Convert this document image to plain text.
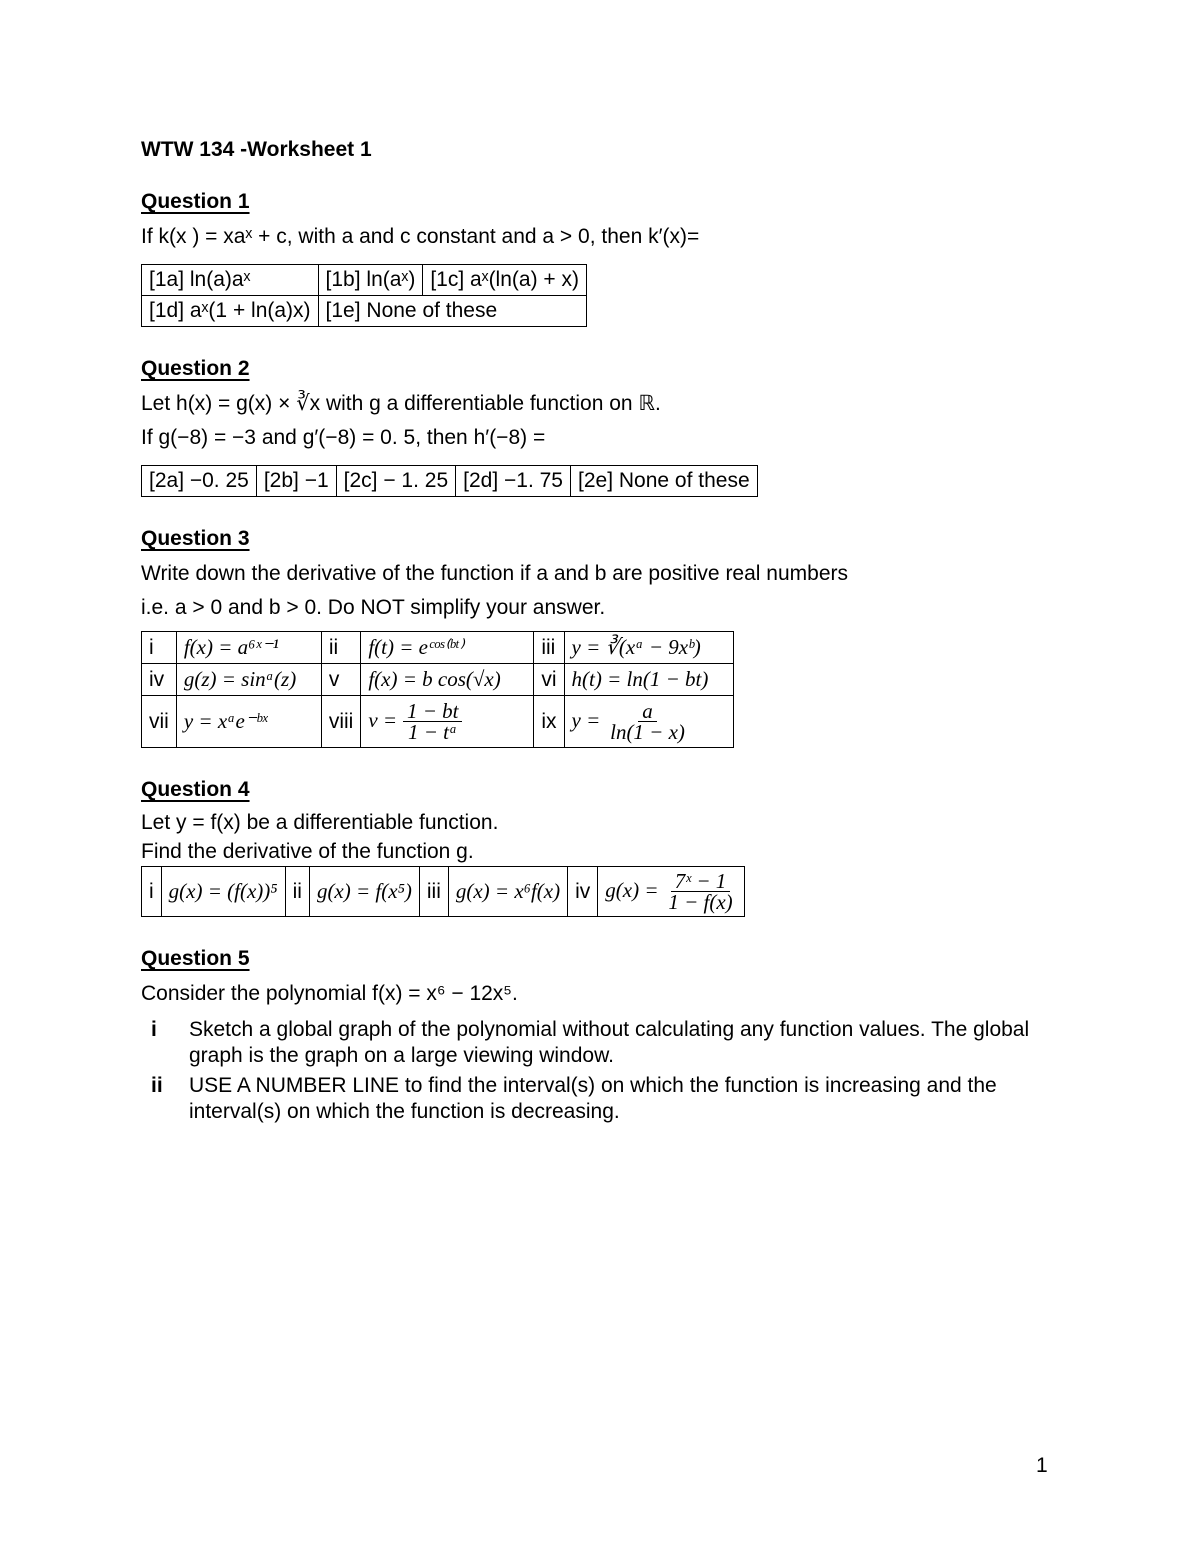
WTW 134 -Worksheet 1
Question 1
If k(x ) = xaˣ + c, with a and c constant and a > 0, then k′(x)=
[1a] ln(a)aˣ	[1b] ln(aˣ)	[1c] aˣ(ln(a) + x)
[1d] aˣ(1 + ln(a)x)	[1e] None of these	
Question 2
Let h(x) = g(x) × ∛x with g a differentiable function on ℝ.
If g(−8) = −3 and g′(−8) = 0. 5, then h′(−8) =
[2a] −0. 25	[2b] −1	[2c] − 1. 25	[2d] −1. 75	[2e] None of these
Question 3
Write down the derivative of the function if a and b are positive real numbers
i.e. a > 0 and b > 0. Do NOT simplify your answer.
i	f(x) = a⁶ˣ⁻¹	ii	f(t) = eᶜᵒˢ⁽ᵇᵗ⁾	iii	y = ∛(xᵃ − 9xᵇ)
iv	g(z) = sinᵃ(z)	v	f(x) = b cos(√x)	vi	h(t) = ln(1 − bt)
vii	y = xᵃe⁻ᵇˣ	viii	$v = \frac{1 - bt}{\text{1 − tᵃ}}$	ix	$y = \frac{a}{\ln(1 - x)}$
Question 4
Let y = f(x) be a differentiable function.
Find the derivative of the function g.
i	g(x) = (f(x))⁵	ii	g(x) = f(x⁵)	iii	g(x) = x⁶f(x)	iv	$g(x) = \frac{\text{7ˣ − 1}}{1 - f(x)}$
Question 5
Consider the polynomial f(x) = x⁶ − 12x⁵.
i	Sketch a global graph of the polynomial without calculating any function values. The global graph is the graph on a large viewing window.
ii	USE A NUMBER LINE to find the interval(s) on which the function is increasing and the interval(s) on which the function is decreasing.
1
